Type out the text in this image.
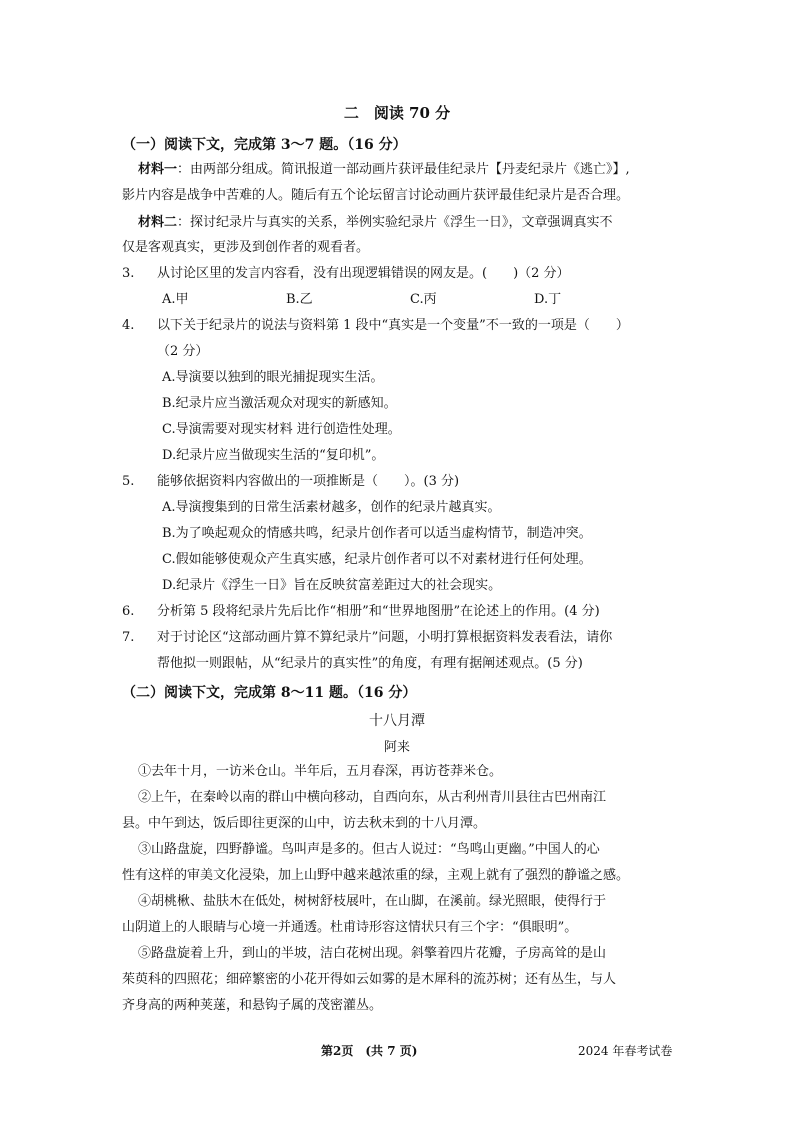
二　阅读 70 分
（一）阅读下文，完成第 3～7 题。（16 分）
材料一：由两部分组成。简讯报道一部动画片获评最佳纪录片【丹麦纪录片《逃亡》】,
影片内容是战争中苦难的人。随后有五个论坛留言讨论动画片获评最佳纪录片是否合理。
材料二：探讨纪录片与真实的关系，举例实验纪录片《浮生一日》，文章强调真实不
仅是客观真实，更涉及到创作者的观看者。
3. 从讨论区里的发言内容看，没有出现逻辑错误的网友是。(　　)（2 分）
A.甲	B.乙	C.丙	D.丁
4. 以下关于纪录片的说法与资料第 1 段中“真实是一个变量”不一致的一项是（　　）
（2 分）
A.导演要以独到的眼光捕捉现实生活。
B.纪录片应当激活观众对现实的新感知。
C.导演需要对现实材料 进行创造性处理。
D.纪录片应当做现实生活的“复印机”。
5. 能够依据资料内容做出的一项推断是（　　）。(3 分)
A.导演搜集到的日常生活素材越多，创作的纪录片越真实。
B.为了唤起观众的情感共鸣，纪录片创作者可以适当虚构情节，制造冲突。
C.假如能够使观众产生真实感，纪录片创作者可以不对素材进行任何处理。
D.纪录片《浮生一日》旨在反映贫富差距过大的社会现实。
6. 分析第 5 段将纪录片先后比作“相册”和“世界地图册”在论述上的作用。(4 分)
7. 对于讨论区“这部动画片算不算纪录片”问题，小明打算根据资料发表看法，请你
帮他拟一则跟帖，从“纪录片的真实性”的角度，有理有据阐述观点。(5 分)
（二）阅读下文，完成第 8～11 题。（16 分）
十八月潭
阿来
①去年十月，一访米仓山。半年后，五月春深，再访苍莽米仓。
②上午，在秦岭以南的群山中横向移动，自西向东，从古利州青川县往古巴州南江
县。中午到达，饭后即往更深的山中，访去秋未到的十八月潭。
③山路盘旋，四野静谧。鸟叫声是多的。但古人说过：“鸟鸣山更幽。”中国人的心
性有这样的审美文化浸染，加上山野中越来越浓重的绿，主观上就有了强烈的静谧之感。
④胡桃楸、盐肤木在低处，树树舒枝展叶，在山脚，在溪前。绿光照眼，使得行于
山阴道上的人眼睛与心境一并通透。杜甫诗形容这情状只有三个字：“俱眼明”。
⑤路盘旋着上升，到山的半坡，洁白花树出现。斜擎着四片花瓣，子房高耸的是山
茱萸科的四照花；细碎繁密的小花开得如云如雾的是木犀科的流苏树；还有丛生，与人
齐身高的两种荚蒾，和悬钩子属的茂密灌丛。
第2页　(共 7 页)	2024 年春考试卷
